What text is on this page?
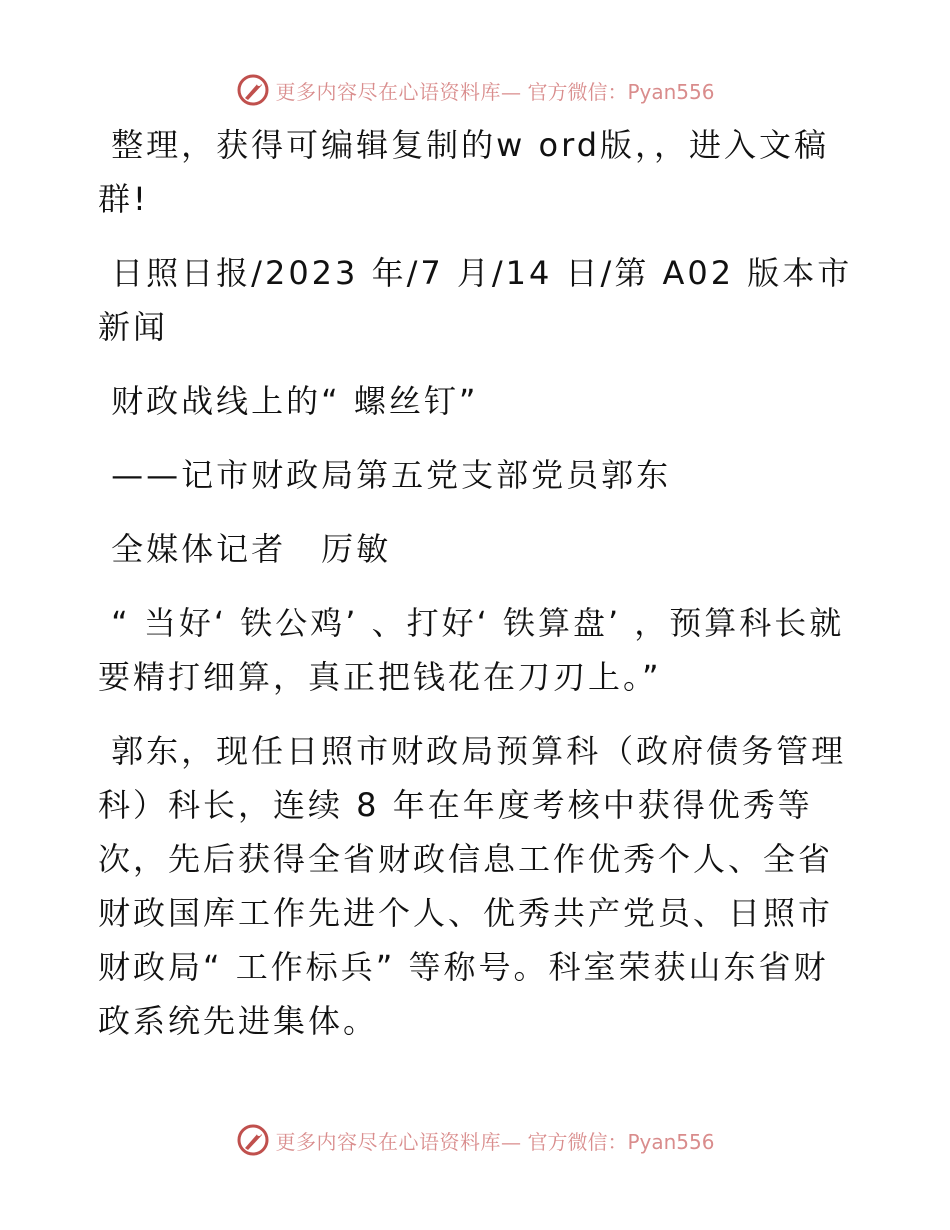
更多内容尽在心语资料库— 官方微信：Pyan556

整理，获得可编辑复制的w ord版，，进入文稿群!

日照日报/2023 年/7 月/14 日/第 A02 版本市新闻

财政战线上的“ 螺丝钉”

——记市财政局第五党支部党员郭东

全媒体记者　厉敏

“ 当好‘ 铁公鸡’ 、打好‘ 铁算盘’ ，预算科长就要精打细算，真正把钱花在刀刃上。”

郭东，现任日照市财政局预算科（政府债务管理科）科长，连续 8 年在年度考核中获得优秀等次，先后获得全省财政信息工作优秀个人、全省财政国库工作先进个人、优秀共产党员、日照市财政局“ 工作标兵” 等称号。科室荣获山东省财政系统先进集体。

更多内容尽在心语资料库— 官方微信：Pyan556
